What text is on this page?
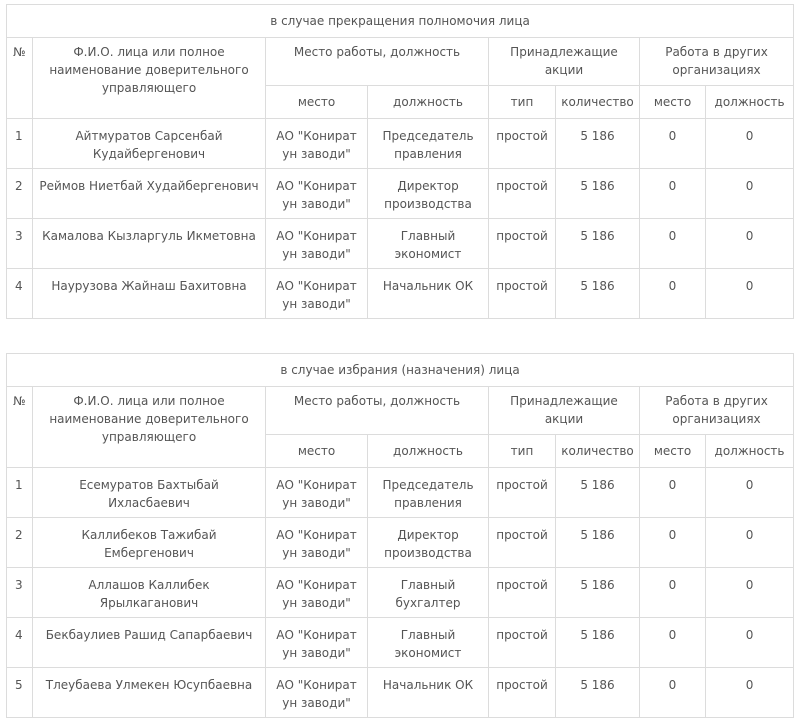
в случае прекращения полномочия лица							
№	Ф.И.О. лица или полное наименование доверительного управляющего	Место работы, должность		Принадлежащие акции		Работа в других организациях	
		место	должность	тип	количество	место	должность
1	Айтмуратов Сарсенбай Кудайбергенович	АО "Конират ун заводи"	Председатель правления	простой	5 186	0	0
2	Реймов Ниетбай Худайбергенович	АО "Конират ун заводи"	Директор производства	простой	5 186	0	0
3	Камалова Кызларгуль Икметовна	АО "Конират ун заводи"	Главный экономист	простой	5 186	0	0
4	Наурузова Жайнаш Бахитовна	АО "Конират ун заводи"	Начальник ОК	простой	5 186	0	0
в случае избрания (назначения) лица							
№	Ф.И.О. лица или полное наименование доверительного управляющего	Место работы, должность		Принадлежащие акции		Работа в других организациях	
		место	должность	тип	количество	место	должность
1	Есемуратов Бахтыбай Ихласбаевич	АО "Конират ун заводи"	Председатель правления	простой	5 186	0	0
2	Каллибеков Тажибай Ембергенович	АО "Конират ун заводи"	Директор производства	простой	5 186	0	0
3	Аллашов Каллибек Ярылкаганович	АО "Конират ун заводи"	Главный бухгалтер	простой	5 186	0	0
4	Бекбаулиев Рашид Сапарбаевич	АО "Конират ун заводи"	Главный экономист	простой	5 186	0	0
5	Тлеубаева Улмекен Юсупбаевна	АО "Конират ун заводи"	Начальник ОК	простой	5 186	0	0
